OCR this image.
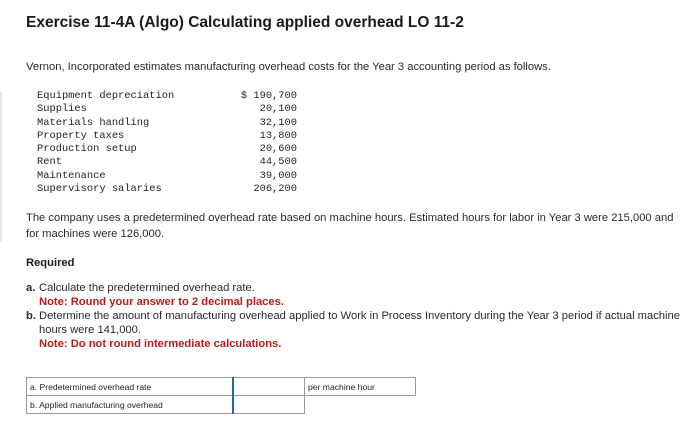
Exercise 11-4A (Algo) Calculating applied overhead LO 11-2
Vernon, Incorporated estimates manufacturing overhead costs for the Year 3 accounting period as follows.
Equipment depreciation	$ 190,700
Supplies	20,100
Materials handling	32,100
Property taxes	13,800
Production setup	20,600
Rent	44,500
Maintenance	39,000
Supervisory salaries	206,200
The company uses a predetermined overhead rate based on machine hours. Estimated hours for labor in Year 3 were 215,000 and for machines were 126,000.
Required
a. Calculate the predetermined overhead rate.
Note: Round your answer to 2 decimal places.
b. Determine the amount of manufacturing overhead applied to Work in Process Inventory during the Year 3 period if actual machine hours were 141,000.
Note: Do not round intermediate calculations.
a. Predetermined overhead rate		per machine hour
b. Applied manufacturing overhead		
